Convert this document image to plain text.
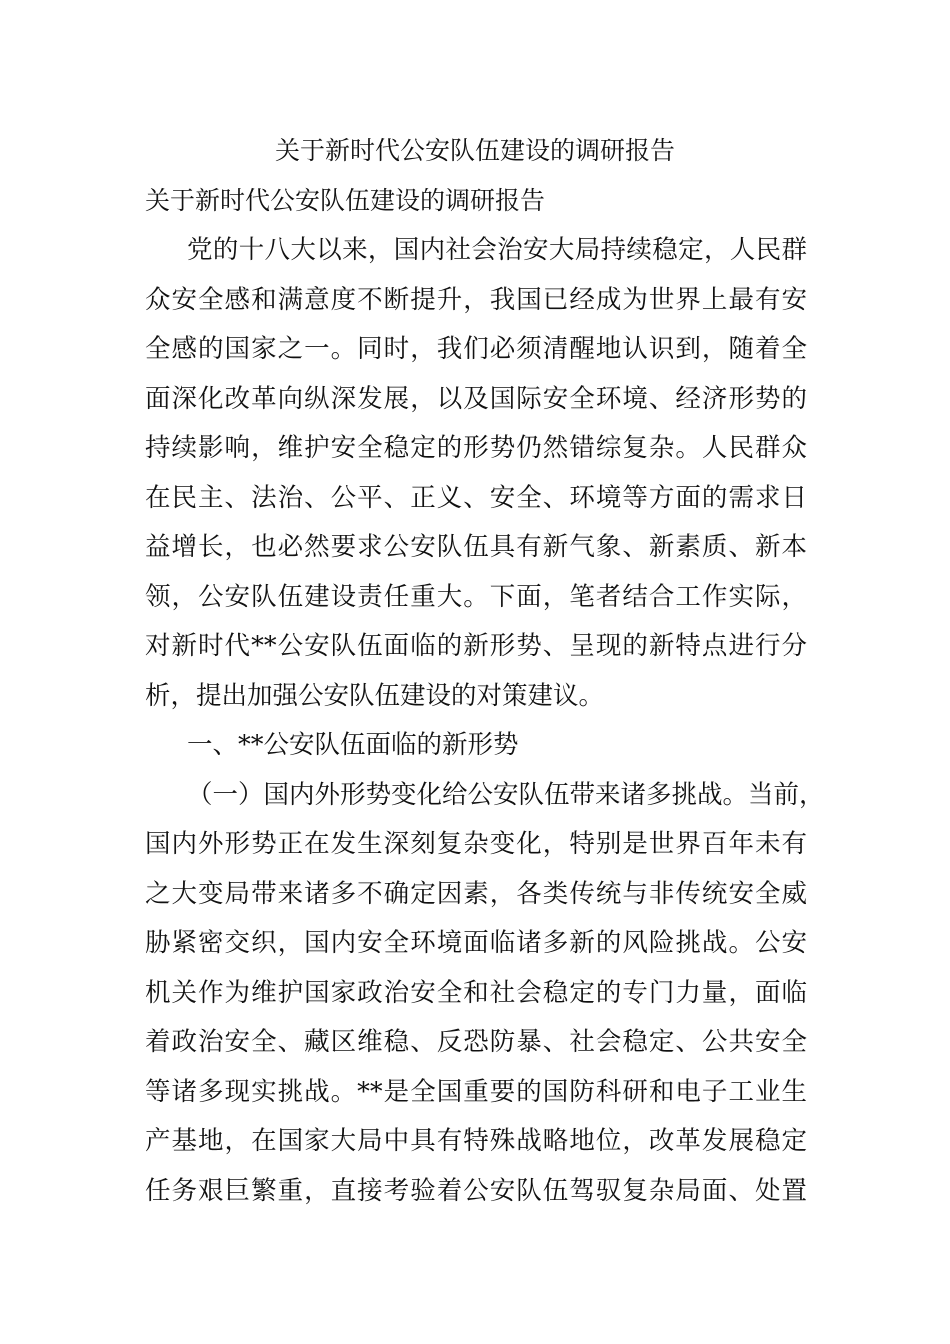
关于新时代公安队伍建设的调研报告
关于新时代公安队伍建设的调研报告
党的十八大以来，国内社会治安大局持续稳定，人民群
众安全感和满意度不断提升，我国已经成为世界上最有安
全感的国家之一。同时，我们必须清醒地认识到，随着全
面深化改革向纵深发展，以及国际安全环境、经济形势的
持续影响，维护安全稳定的形势仍然错综复杂。人民群众
在民主、法治、公平、正义、安全、环境等方面的需求日
益增长，也必然要求公安队伍具有新气象、新素质、新本
领，公安队伍建设责任重大。下面，笔者结合工作实际，
对新时代**公安队伍面临的新形势、呈现的新特点进行分
析，提出加强公安队伍建设的对策建议。
一、**公安队伍面临的新形势
（一）国内外形势变化给公安队伍带来诸多挑战。当前，
国内外形势正在发生深刻复杂变化，特别是世界百年未有
之大变局带来诸多不确定因素，各类传统与非传统安全威
胁紧密交织，国内安全环境面临诸多新的风险挑战。公安
机关作为维护国家政治安全和社会稳定的专门力量，面临
着政治安全、藏区维稳、反恐防暴、社会稳定、公共安全
等诸多现实挑战。**是全国重要的国防科研和电子工业生
产基地，在国家大局中具有特殊战略地位，改革发展稳定
任务艰巨繁重，直接考验着公安队伍驾驭复杂局面、处置
